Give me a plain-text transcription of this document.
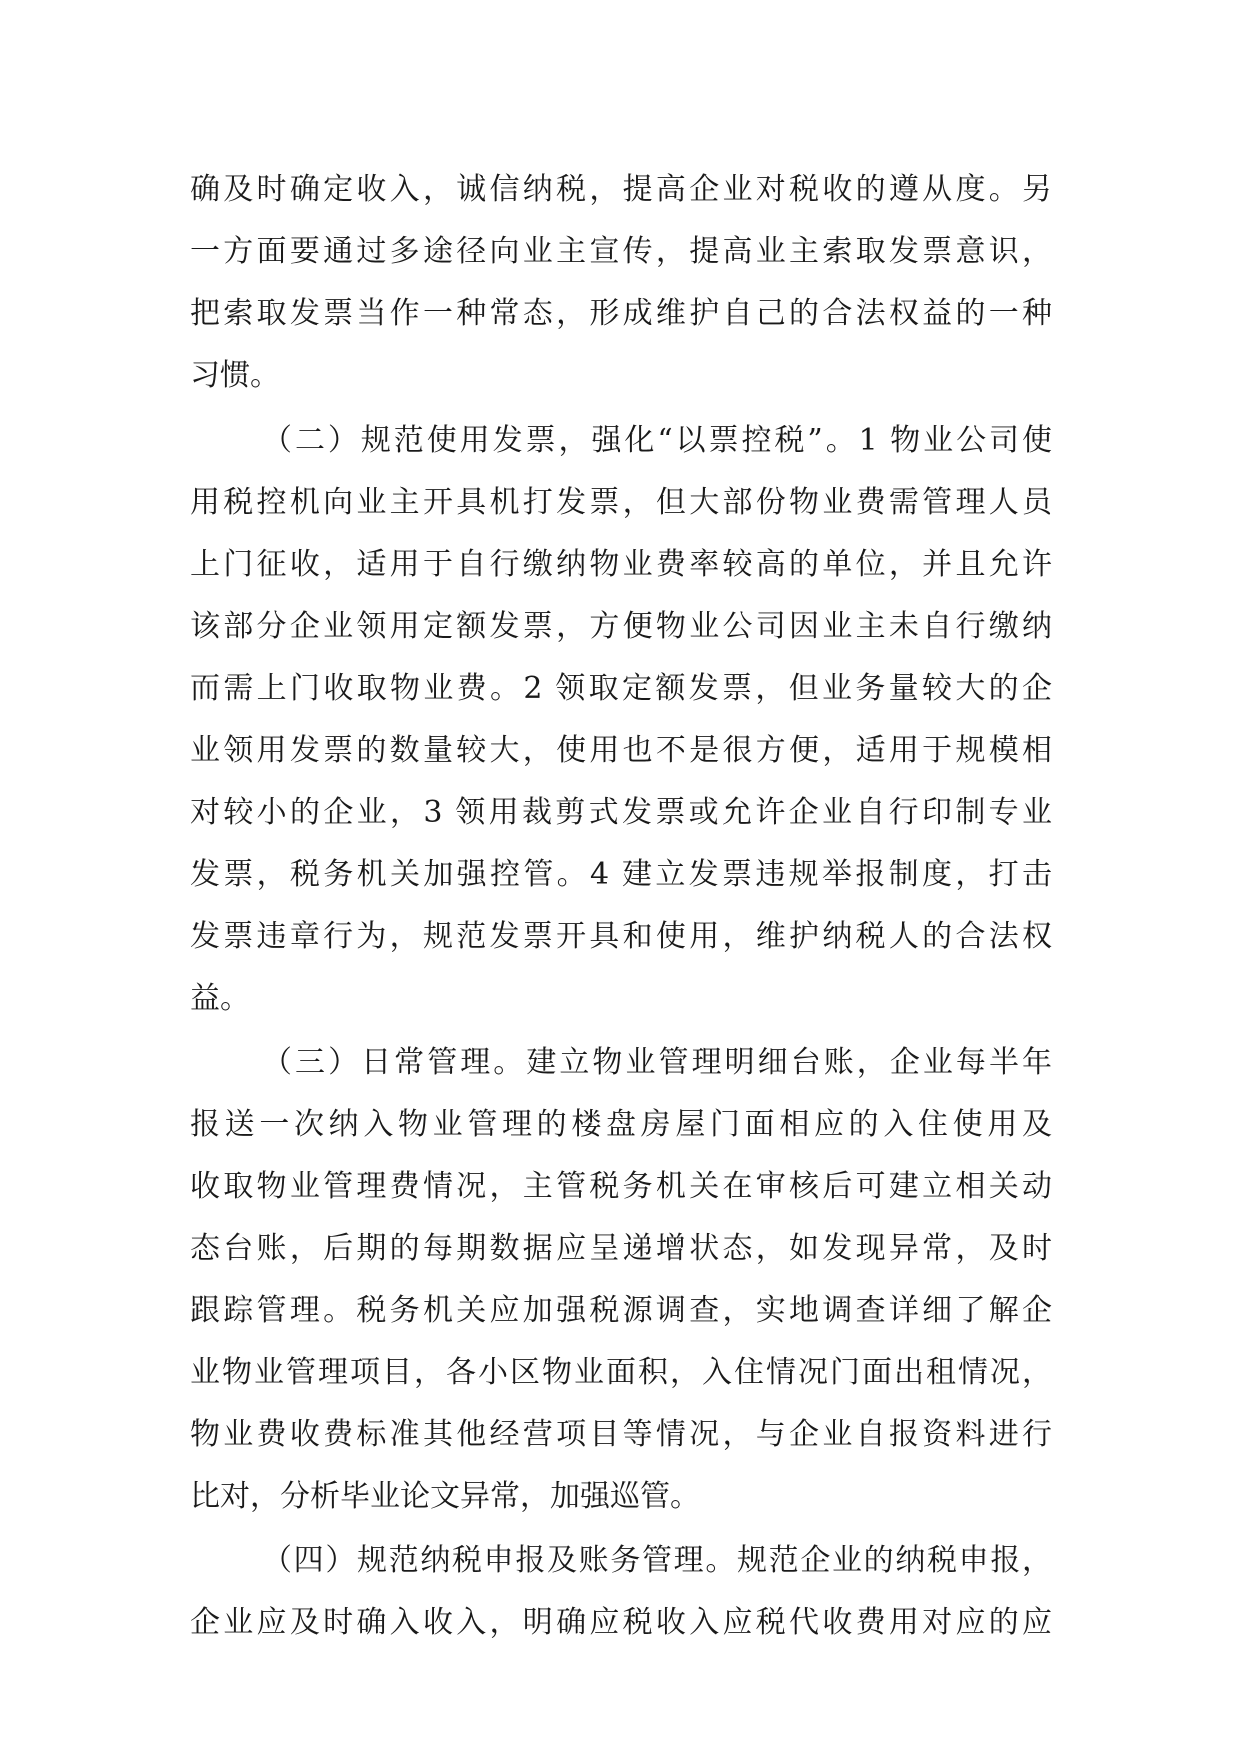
确及时确定收入，诚信纳税，提高企业对税收的遵从度。另
一方面要通过多途径向业主宣传，提高业主索取发票意识，
把索取发票当作一种常态，形成维护自己的合法权益的一种
习惯。
（二）规范使用发票，强化“以票控税”。1 物业公司使
用税控机向业主开具机打发票，但大部份物业费需管理人员
上门征收，适用于自行缴纳物业费率较高的单位，并且允许
该部分企业领用定额发票，方便物业公司因业主未自行缴纳
而需上门收取物业费。2 领取定额发票，但业务量较大的企
业领用发票的数量较大，使用也不是很方便，适用于规模相
对较小的企业，3 领用裁剪式发票或允许企业自行印制专业
发票，税务机关加强控管。4 建立发票违规举报制度，打击
发票违章行为，规范发票开具和使用，维护纳税人的合法权
益。
（三）日常管理。建立物业管理明细台账，企业每半年
报送一次纳入物业管理的楼盘房屋门面相应的入住使用及
收取物业管理费情况，主管税务机关在审核后可建立相关动
态台账，后期的每期数据应呈递增状态，如发现异常，及时
跟踪管理。税务机关应加强税源调查，实地调查详细了解企
业物业管理项目，各小区物业面积，入住情况门面出租情况，
物业费收费标准其他经营项目等情况，与企业自报资料进行
比对，分析毕业论文异常，加强巡管。
（四）规范纳税申报及账务管理。规范企业的纳税申报，
企业应及时确入收入，明确应税收入应税代收费用对应的应
